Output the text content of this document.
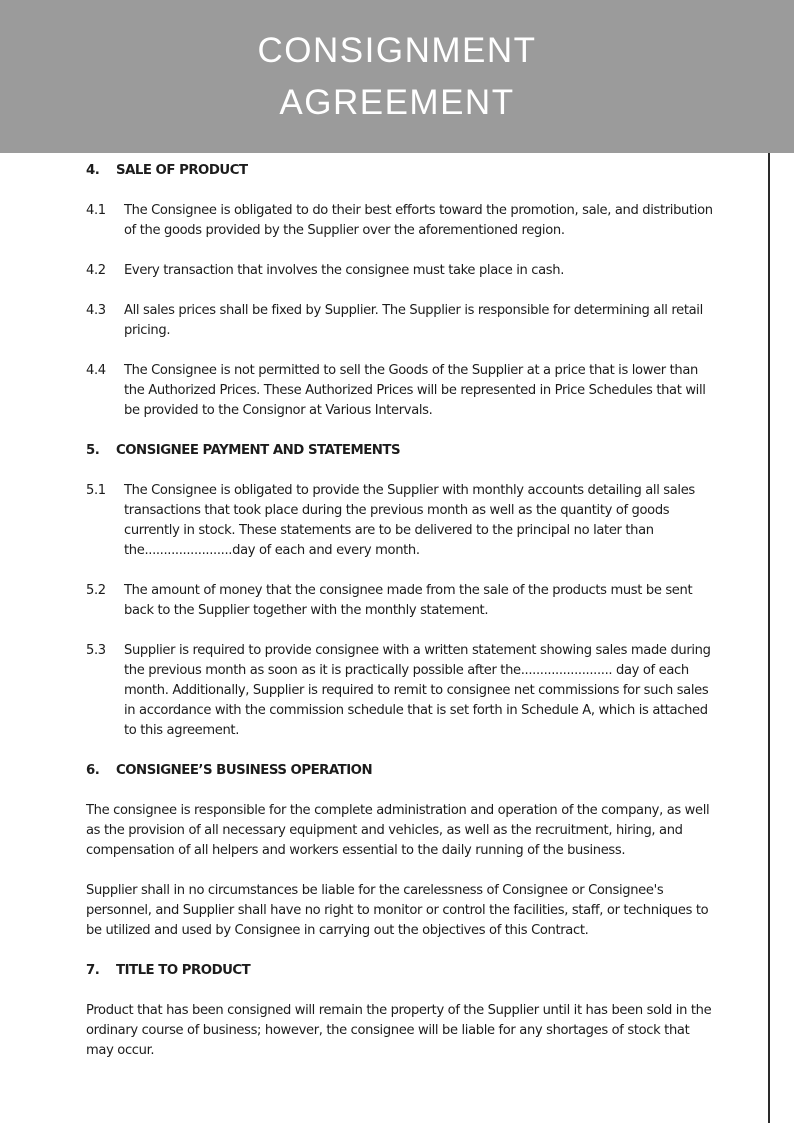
CONSIGNMENT AGREEMENT
4.	SALE OF PRODUCT
4.1	The Consignee is obligated to do their best efforts toward the promotion, sale, and distribution of the goods provided by the Supplier over the aforementioned region.
4.2	Every transaction that involves the consignee must take place in cash.
4.3	All sales prices shall be fixed by Supplier. The Supplier is responsible for determining all retail pricing.
4.4	The Consignee is not permitted to sell the Goods of the Supplier at a price that is lower than the Authorized Prices. These Authorized Prices will be represented in Price Schedules that will be provided to the Consignor at Various Intervals.
5.	CONSIGNEE PAYMENT AND STATEMENTS
5.1	The Consignee is obligated to provide the Supplier with monthly accounts detailing all sales transactions that took place during the previous month as well as the quantity of goods currently in stock. These statements are to be delivered to the principal no later than the.......................day of each and every month.
5.2	The amount of money that the consignee made from the sale of the products must be sent back to the Supplier together with the monthly statement.
5.3	Supplier is required to provide consignee with a written statement showing sales made during the previous month as soon as it is practically possible after the........................ day of each month. Additionally, Supplier is required to remit to consignee net commissions for such sales in accordance with the commission schedule that is set forth in Schedule A, which is attached to this agreement.
6.	CONSIGNEE’S BUSINESS OPERATION

The consignee is responsible for the complete administration and operation of the company, as well as the provision of all necessary equipment and vehicles, as well as the recruitment, hiring, and compensation of all helpers and workers essential to the daily running of the business.

Supplier shall in no circumstances be liable for the carelessness of Consignee or Consignee's personnel, and Supplier shall have no right to monitor or control the facilities, staff, or techniques to be utilized and used by Consignee in carrying out the objectives of this Contract.

7.	TITLE TO PRODUCT

Product that has been consigned will remain the property of the Supplier until it has been sold in the ordinary course of business; however, the consignee will be liable for any shortages of stock that may occur.
